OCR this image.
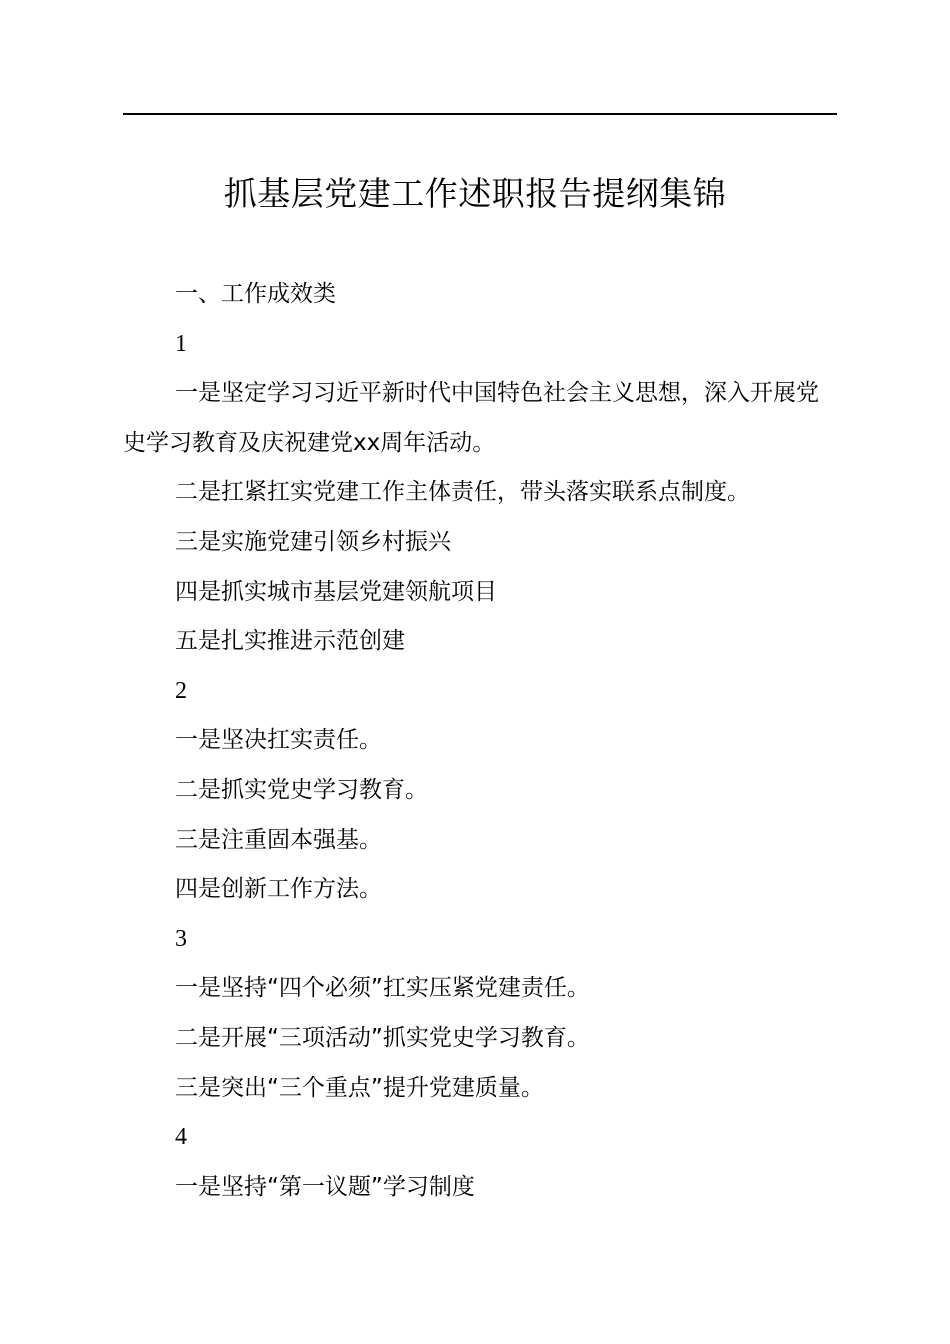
抓基层党建工作述职报告提纲集锦

一、工作成效类

1

一是坚定学习习近平新时代中国特色社会主义思想，深入开展党史学习教育及庆祝建党xx周年活动。

二是扛紧扛实党建工作主体责任，带头落实联系点制度。

三是实施党建引领乡村振兴

四是抓实城市基层党建领航项目

五是扎实推进示范创建

2

一是坚决扛实责任。

二是抓实党史学习教育。

三是注重固本强基。

四是创新工作方法。

3

一是坚持“四个必须”扛实压紧党建责任。

二是开展“三项活动”抓实党史学习教育。

三是突出“三个重点”提升党建质量。

4

一是坚持“第一议题”学习制度
